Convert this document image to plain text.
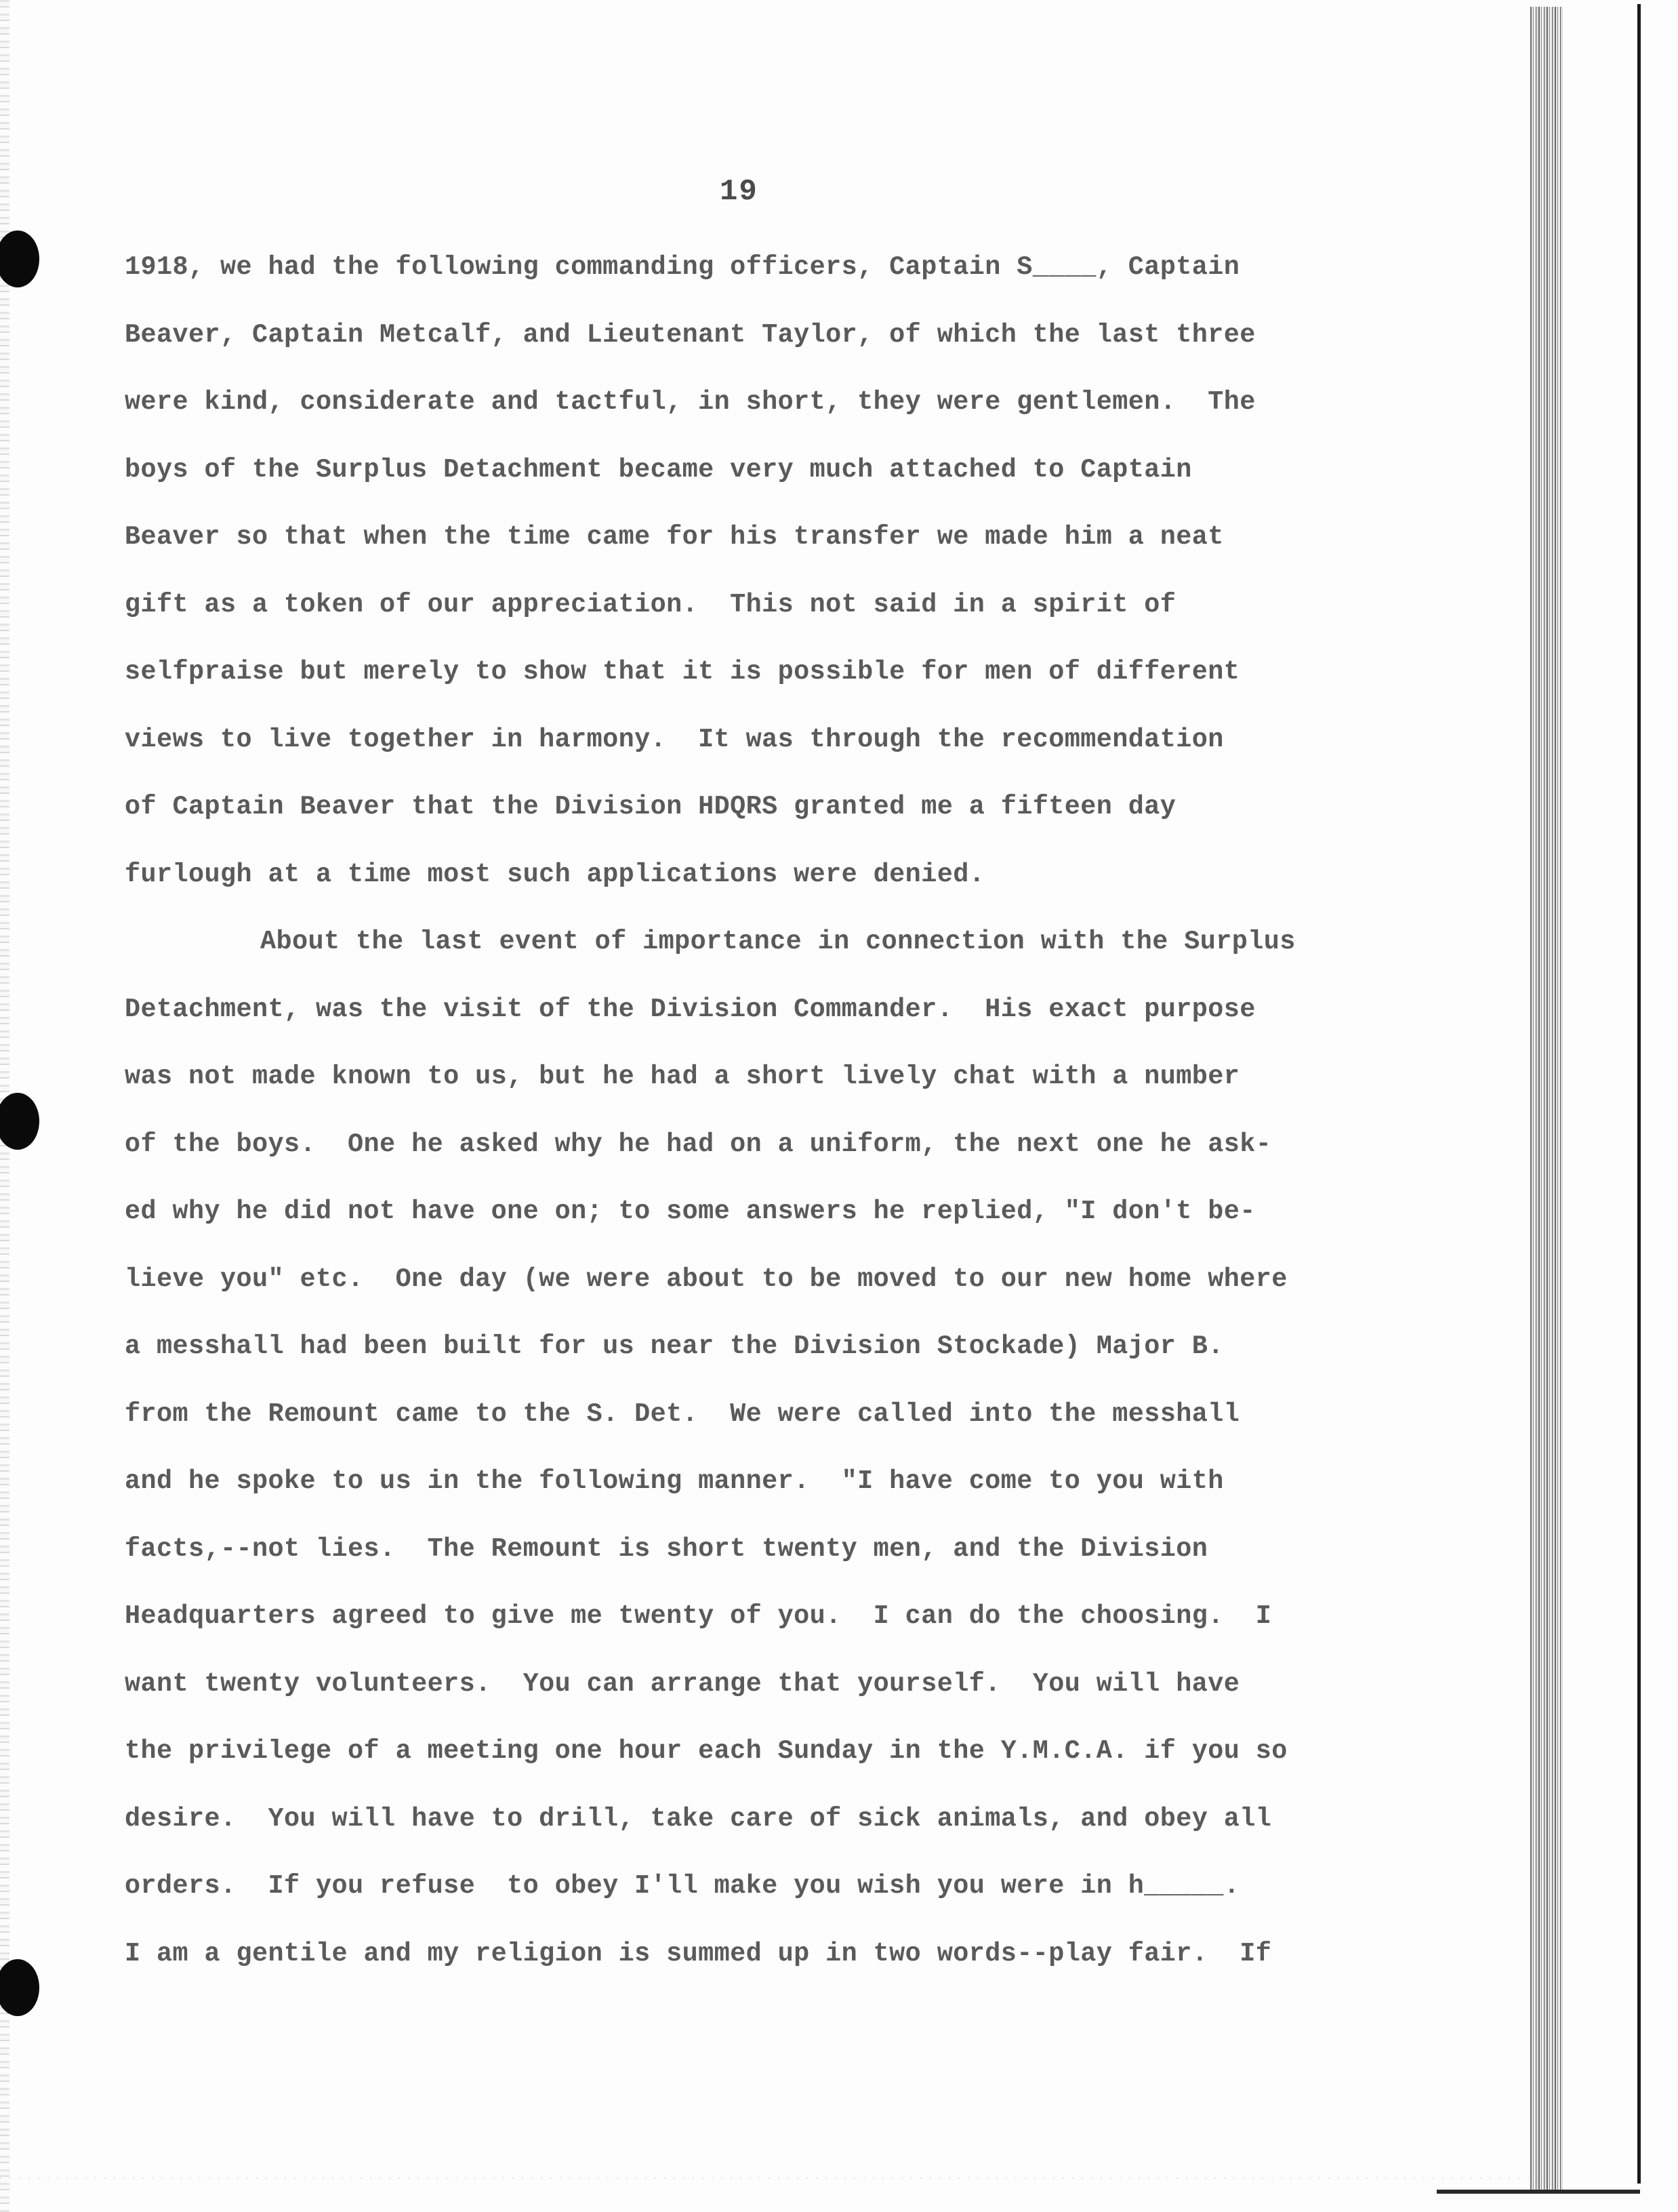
19
1918, we had the following commanding officers, Captain S____, Captain
Beaver, Captain Metcalf, and Lieutenant Taylor, of which the last three
were kind, considerate and tactful, in short, they were gentlemen.  The
boys of the Surplus Detachment became very much attached to Captain
Beaver so that when the time came for his transfer we made him a neat
gift as a token of our appreciation.  This not said in a spirit of
selfpraise but merely to show that it is possible for men of different
views to live together in harmony.  It was through the recommendation
of Captain Beaver that the Division HDQRS granted me a fifteen day
furlough at a time most such applications were denied.
About the last event of importance in connection with the Surplus
Detachment, was the visit of the Division Commander.  His exact purpose
was not made known to us, but he had a short lively chat with a number
of the boys.  One he asked why he had on a uniform, the next one he ask-
ed why he did not have one on; to some answers he replied, "I don't be-
lieve you" etc.  One day (we were about to be moved to our new home where
a messhall had been built for us near the Division Stockade) Major B.
from the Remount came to the S. Det.  We were called into the messhall
and he spoke to us in the following manner.  "I have come to you with
facts,--not lies.  The Remount is short twenty men, and the Division
Headquarters agreed to give me twenty of you.  I can do the choosing.  I
want twenty volunteers.  You can arrange that yourself.  You will have
the privilege of a meeting one hour each Sunday in the Y.M.C.A. if you so
desire.  You will have to drill, take care of sick animals, and obey all
orders.  If you refuse  to obey I'll make you wish you were in h_____.
I am a gentile and my religion is summed up in two words--play fair.  If
